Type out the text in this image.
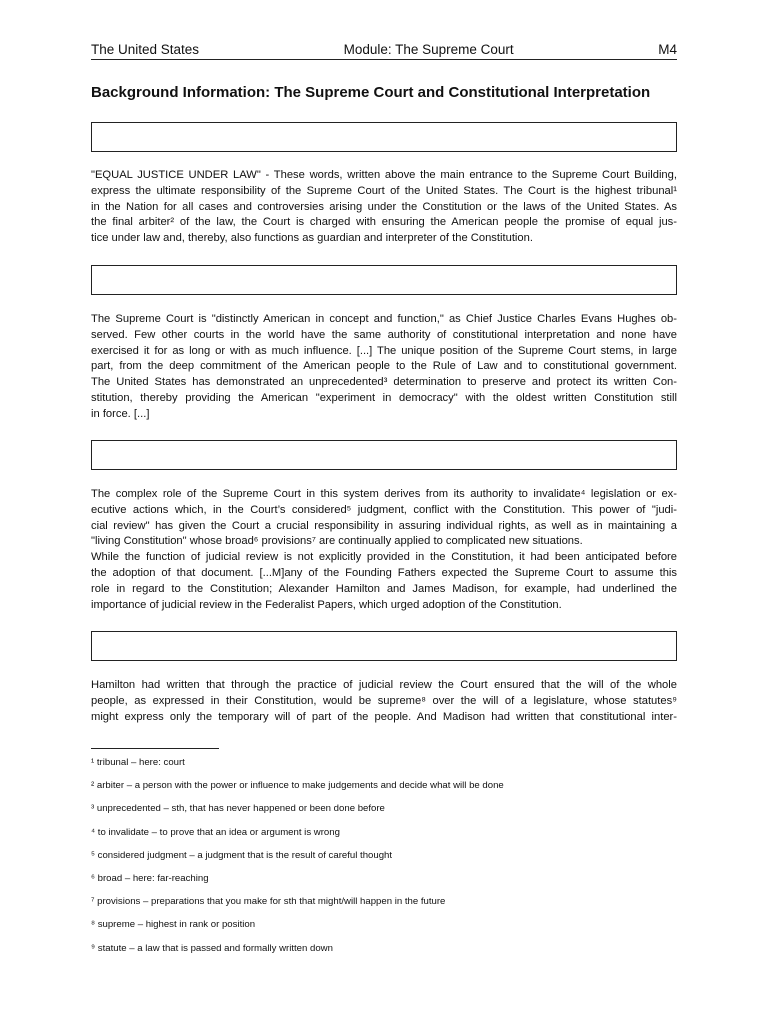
The United States	Module: The Supreme Court	M4
Background Information: The Supreme Court and Constitutional Interpretation
"EQUAL JUSTICE UNDER LAW" - These words, written above the main entrance to the Supreme Court Building,
express the ultimate responsibility of the Supreme Court of the United States. The Court is the highest tribunal¹
in the Nation for all cases and controversies arising under the Constitution or the laws of the United States. As
the final arbiter² of the law, the Court is charged with ensuring the American people the promise of equal jus-
tice under law and, thereby, also functions as guardian and interpreter of the Constitution.
The Supreme Court is "distinctly American in concept and function," as Chief Justice Charles Evans Hughes ob-
served. Few other courts in the world have the same authority of constitutional interpretation and none have
exercised it for as long or with as much influence. [...] The unique position of the Supreme Court stems, in large
part, from the deep commitment of the American people to the Rule of Law and to constitutional government.
The United States has demonstrated an unprecedented³ determination to preserve and protect its written Con-
stitution, thereby providing the American "experiment in democracy" with the oldest written Constitution still
in force. [...]
The complex role of the Supreme Court in this system derives from its authority to invalidate⁴ legislation or ex-
ecutive actions which, in the Court’s considered⁵ judgment, conflict with the Constitution. This power of "judi-
cial review" has given the Court a crucial responsibility in assuring individual rights, as well as in maintaining a
"living Constitution" whose broad⁶ provisions⁷ are continually applied to complicated new situations.
While the function of judicial review is not explicitly provided in the Constitution, it had been anticipated before
the adoption of that document. [...M]any of the Founding Fathers expected the Supreme Court to assume this
role in regard to the Constitution; Alexander Hamilton and James Madison, for example, had underlined the
importance of judicial review in the Federalist Papers, which urged adoption of the Constitution.
Hamilton had written that through the practice of judicial review the Court ensured that the will of the whole
people, as expressed in their Constitution, would be supreme⁸ over the will of a legislature, whose statutes⁹
might express only the temporary will of part of the people. And Madison had written that constitutional inter-
¹ tribunal – here: court
² arbiter – a person with the power or influence to make judgements and decide what will be done
³ unprecedented – sth, that has never happened or been done before
⁴ to invalidate – to prove that an idea or argument is wrong
⁵ considered judgment – a judgment that is the result of careful thought
⁶ broad – here: far-reaching
⁷ provisions – preparations that you make for sth that might/will happen in the future
⁸ supreme – highest in rank or position
⁹ statute – a law that is passed and formally written down
